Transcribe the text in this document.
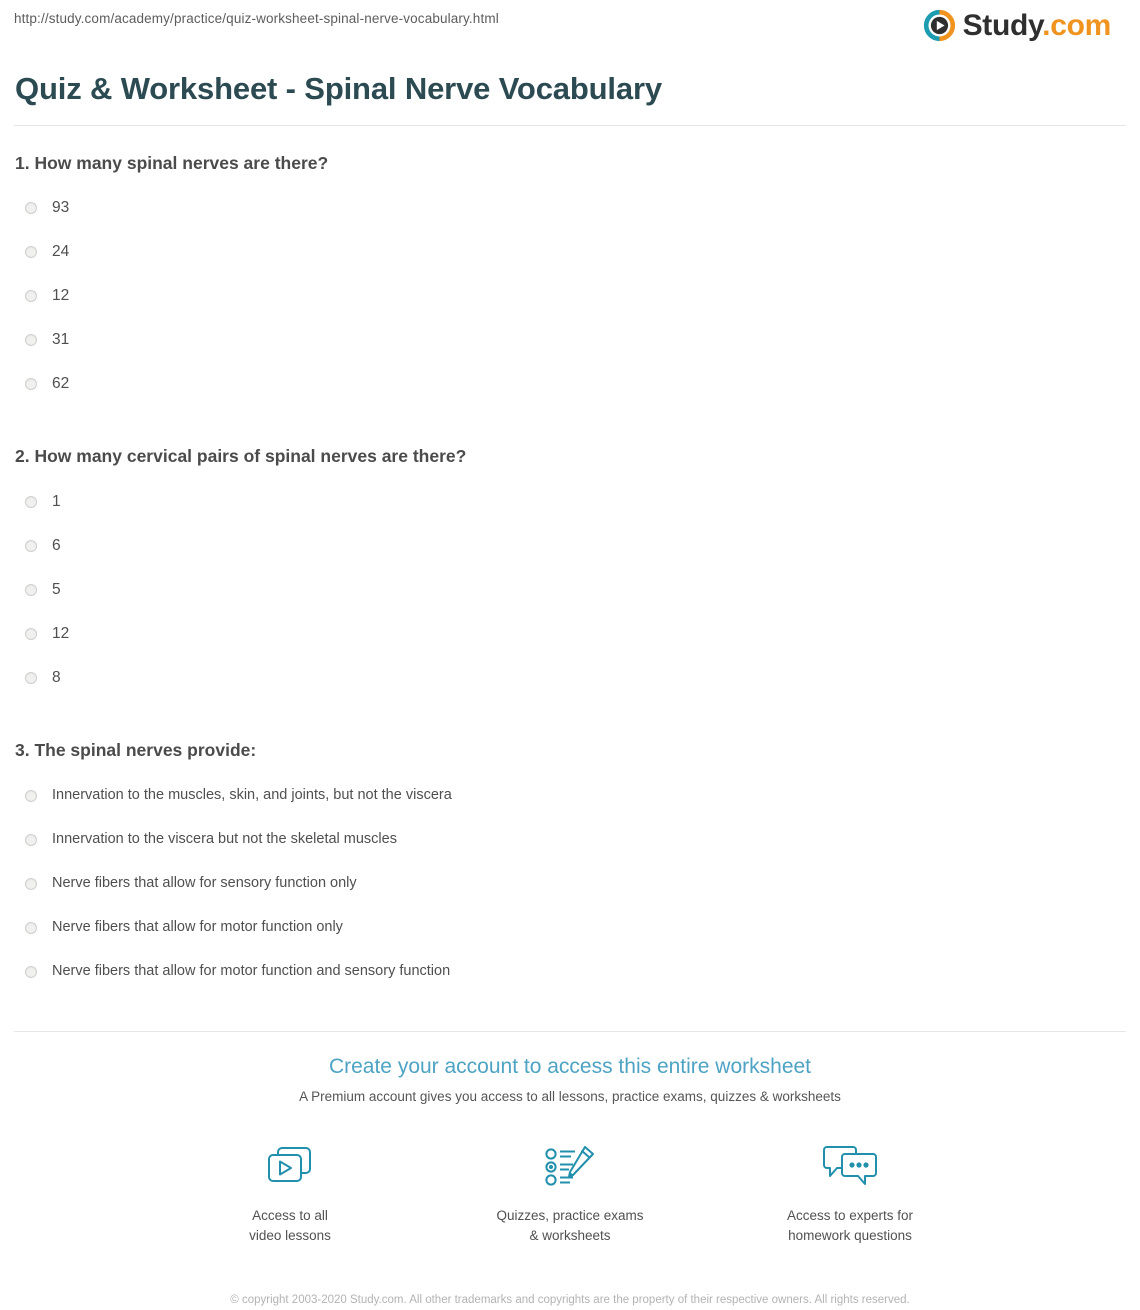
http://study.com/academy/practice/quiz-worksheet-spinal-nerve-vocabulary.html	Study.com
Quiz & Worksheet - Spinal Nerve Vocabulary

1. How many spinal nerves are there?

93
24
12
31
62

2. How many cervical pairs of spinal nerves are there?

1
6
5
12
8

3. The spinal nerves provide:

Innervation to the muscles, skin, and joints, but not the viscera
Innervation to the viscera but not the skeletal muscles
Nerve fibers that allow for sensory function only
Nerve fibers that allow for motor function only
Nerve fibers that allow for motor function and sensory function

Create your account to access this entire worksheet

A Premium account gives you access to all lessons, practice exams, quizzes & worksheets

Access to all
video lessons
Quizzes, practice exams
& worksheets
Access to experts for
homework questions

© copyright 2003-2020 Study.com. All other trademarks and copyrights are the property of their respective owners. All rights reserved.
